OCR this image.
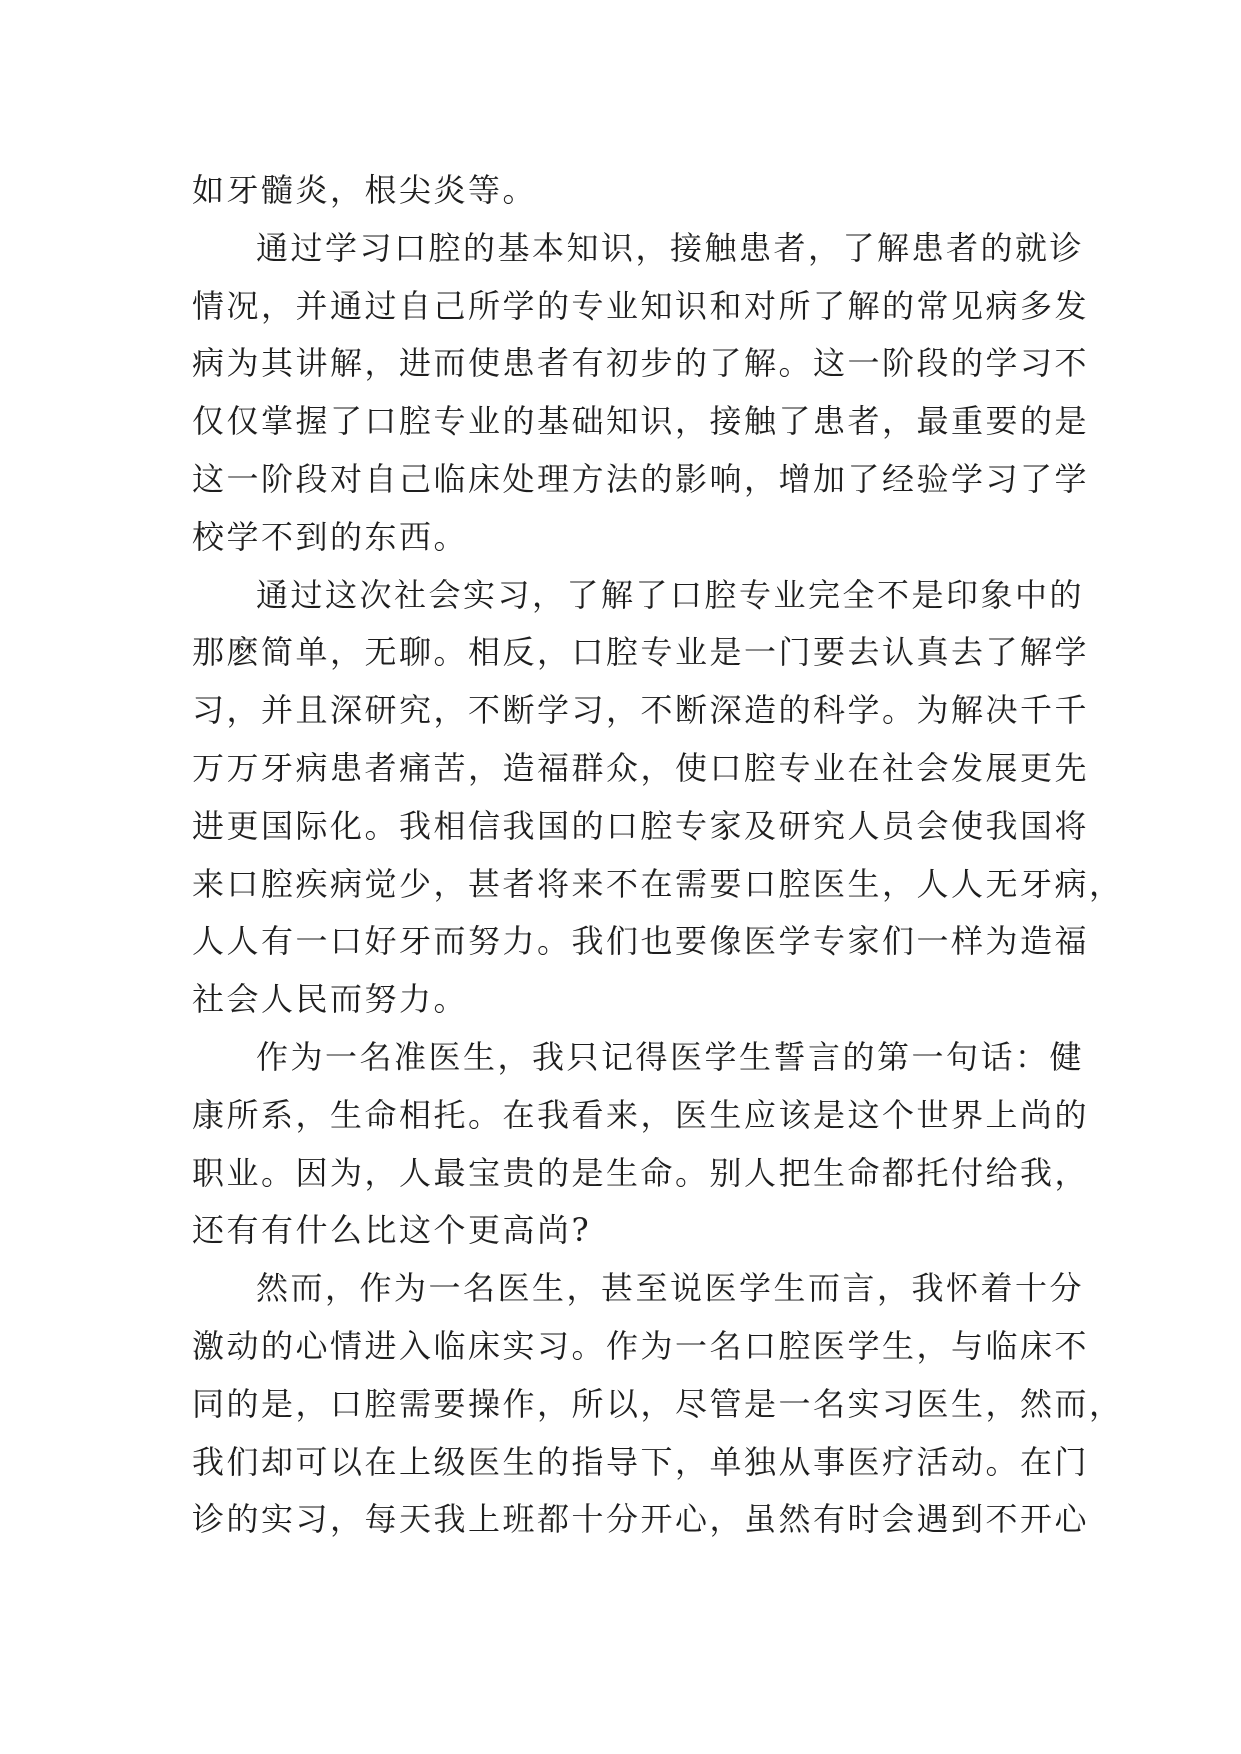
如牙髓炎，根尖炎等。
通过学习口腔的基本知识，接触患者，了解患者的就诊
情况，并通过自己所学的专业知识和对所了解的常见病多发
病为其讲解，进而使患者有初步的了解。这一阶段的学习不
仅仅掌握了口腔专业的基础知识，接触了患者，最重要的是
这一阶段对自己临床处理方法的影响，增加了经验学习了学
校学不到的东西。
通过这次社会实习，了解了口腔专业完全不是印象中的
那麽简单，无聊。相反，口腔专业是一门要去认真去了解学
习，并且深研究，不断学习，不断深造的科学。为解决千千
万万牙病患者痛苦，造福群众，使口腔专业在社会发展更先
进更国际化。我相信我国的口腔专家及研究人员会使我国将
来口腔疾病觉少，甚者将来不在需要口腔医生，人人无牙病，
人人有一口好牙而努力。我们也要像医学专家们一样为造福
社会人民而努力。
作为一名准医生，我只记得医学生誓言的第一句话：健
康所系，生命相托。在我看来，医生应该是这个世界上尚的
职业。因为，人最宝贵的是生命。别人把生命都托付给我，
还有有什么比这个更高尚?
然而，作为一名医生，甚至说医学生而言，我怀着十分
激动的心情进入临床实习。作为一名口腔医学生，与临床不
同的是，口腔需要操作，所以，尽管是一名实习医生，然而，
我们却可以在上级医生的指导下，单独从事医疗活动。在门
诊的实习，每天我上班都十分开心，虽然有时会遇到不开心
